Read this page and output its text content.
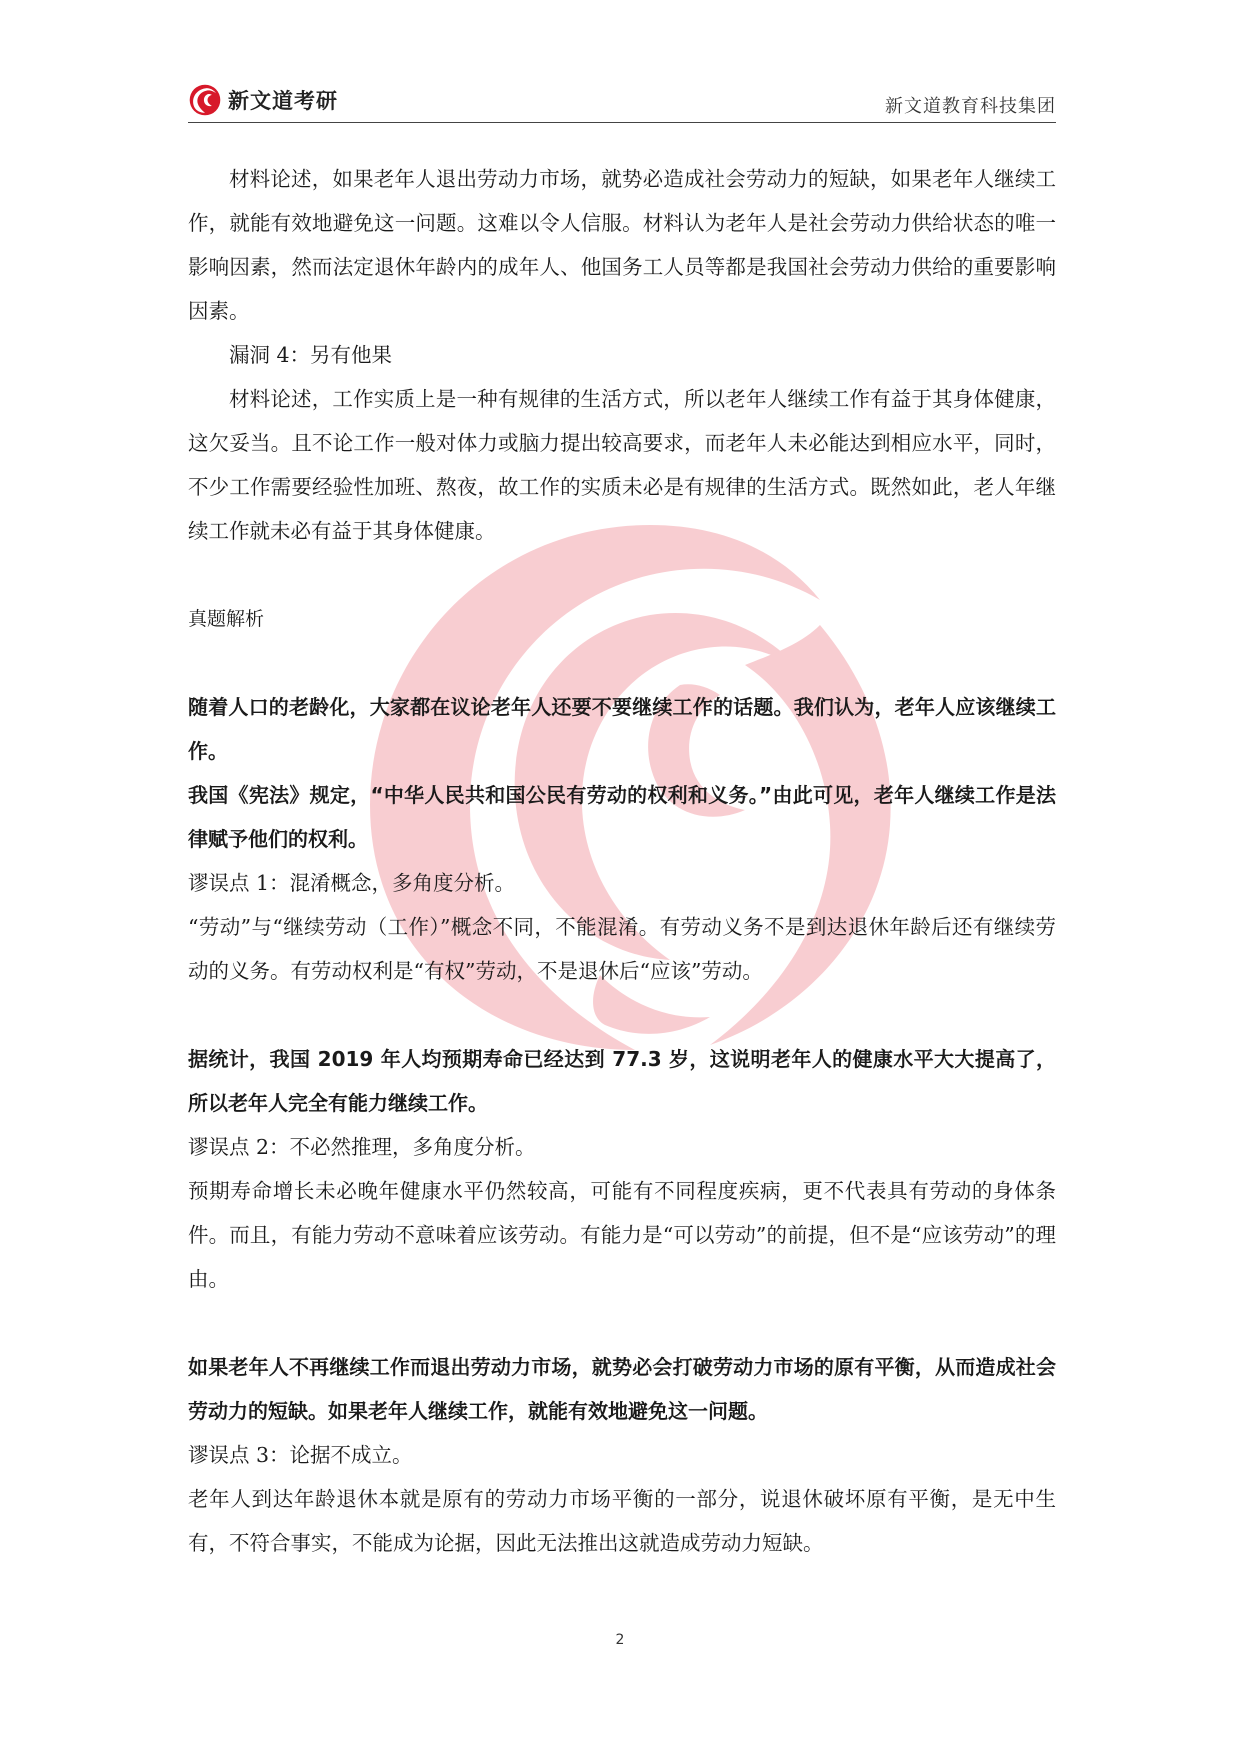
新文道考研	新文道教育科技集团

材料论述，如果老年人退出劳动力市场，就势必造成社会劳动力的短缺，如果老年人继续工作，就能有效地避免这一问题。这难以令人信服。材料认为老年人是社会劳动力供给状态的唯一影响因素，然而法定退休年龄内的成年人、他国务工人员等都是我国社会劳动力供给的重要影响因素。

漏洞 4：另有他果

材料论述，工作实质上是一种有规律的生活方式，所以老年人继续工作有益于其身体健康，这欠妥当。且不论工作一般对体力或脑力提出较高要求，而老年人未必能达到相应水平，同时，不少工作需要经验性加班、熬夜，故工作的实质未必是有规律的生活方式。既然如此，老人年继续工作就未必有益于其身体健康。

真题解析

随着人口的老龄化，大家都在议论老年人还要不要继续工作的话题。我们认为，老年人应该继续工作。

我国《宪法》规定，“中华人民共和国公民有劳动的权利和义务。”由此可见，老年人继续工作是法律赋予他们的权利。

谬误点 1：混淆概念，多角度分析。

“劳动”与“继续劳动（工作）”概念不同，不能混淆。有劳动义务不是到达退休年龄后还有继续劳动的义务。有劳动权利是“有权”劳动，不是退休后“应该”劳动。

据统计，我国 2019 年人均预期寿命已经达到 77.3 岁，这说明老年人的健康水平大大提高了，所以老年人完全有能力继续工作。

谬误点 2：不必然推理，多角度分析。

预期寿命增长未必晚年健康水平仍然较高，可能有不同程度疾病，更不代表具有劳动的身体条件。而且，有能力劳动不意味着应该劳动。有能力是“可以劳动”的前提，但不是“应该劳动”的理由。

如果老年人不再继续工作而退出劳动力市场，就势必会打破劳动力市场的原有平衡，从而造成社会劳动力的短缺。如果老年人继续工作，就能有效地避免这一问题。

谬误点 3：论据不成立。

老年人到达年龄退休本就是原有的劳动力市场平衡的一部分，说退休破坏原有平衡，是无中生有，不符合事实，不能成为论据，因此无法推出这就造成劳动力短缺。

2
